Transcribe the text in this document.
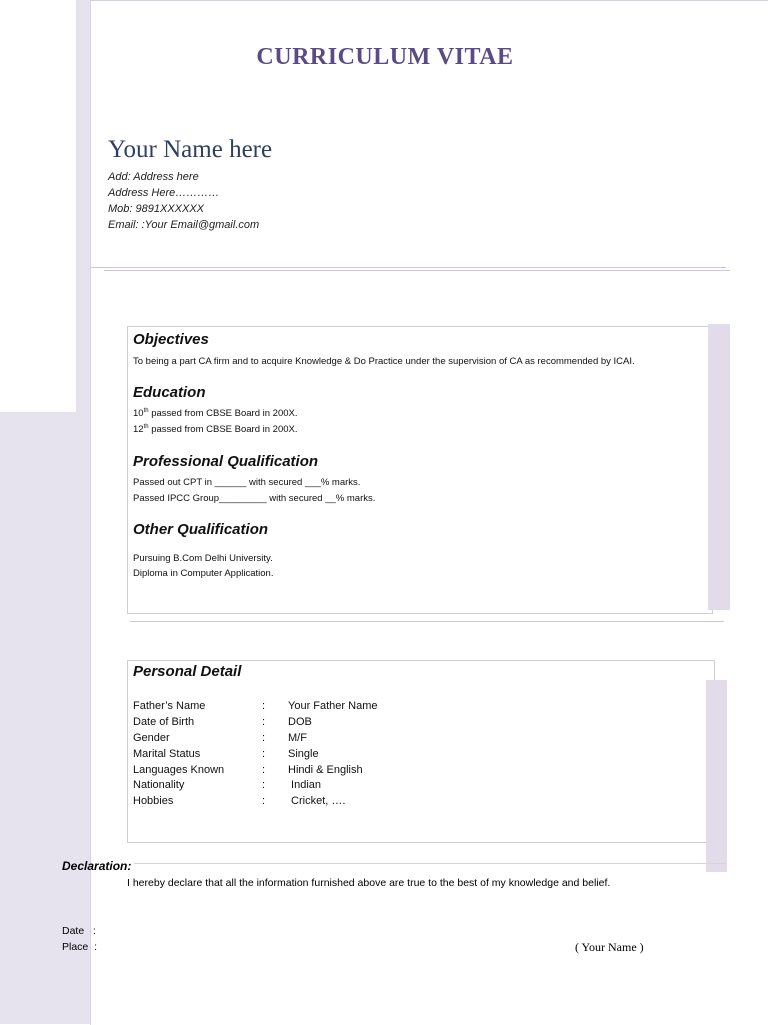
CURRICULUM VITAE
Your Name here
Add: Address here
Address Here…………
Mob: 9891XXXXXX
Email: :Your Email@gmail.com
Objectives
To being a part CA firm and to acquire Knowledge & Do Practice under the supervision of CA as recommended by ICAI.
Education
10th passed from CBSE Board in 200X.
12th passed from CBSE Board in 200X.
Professional Qualification
Passed out CPT in ______ with secured ___% marks.
Passed IPCC Group_________ with secured __% marks.
Other Qualification
Pursuing B.Com Delhi University.
Diploma in Computer Application.
Personal Detail
Father’s Name	: Your Father Name
Date of Birth	: DOB
Gender	: M/F
Marital Status	: Single
Languages Known	: Hindi & English
Nationality	: Indian
Hobbies	: Cricket, ….
Declaration:
I hereby declare that all the information furnished above are true to the best of my knowledge and belief.
Date   :
Place  :	( Your Name )
